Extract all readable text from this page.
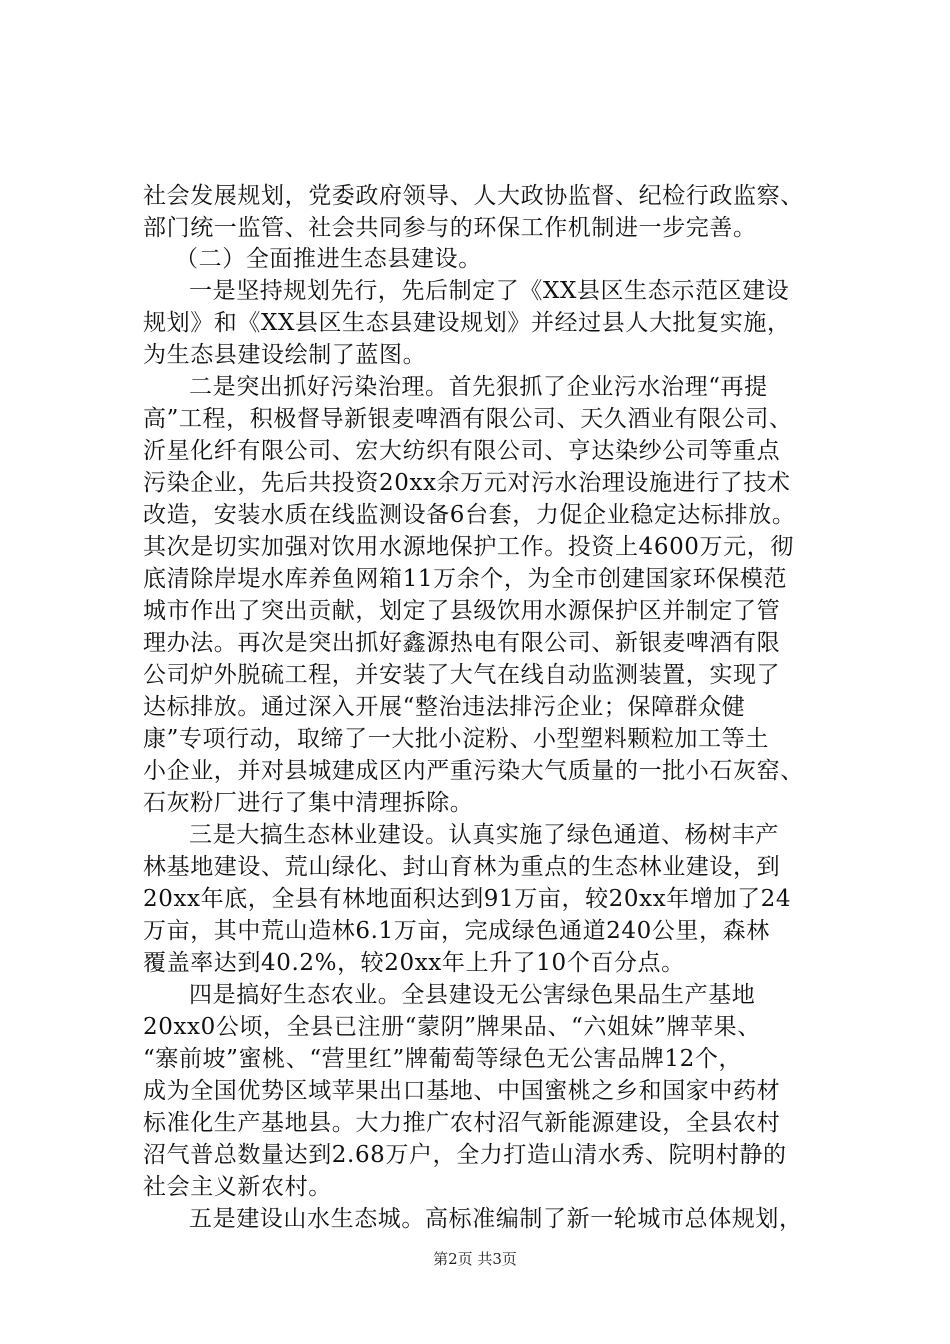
社会发展规划，党委政府领导、人大政协监督、纪检行政监察、
部门统一监管、社会共同参与的环保工作机制进一步完善。
（二）全面推进生态县建设。
一是坚持规划先行，先后制定了《XX县区生态示范区建设
规划》和《XX县区生态县建设规划》并经过县人大批复实施，
为生态县建设绘制了蓝图。
二是突出抓好污染治理。首先狠抓了企业污水治理“再提
高”工程，积极督导新银麦啤酒有限公司、天久酒业有限公司、
沂星化纤有限公司、宏大纺织有限公司、亨达染纱公司等重点
污染企业，先后共投资20xx余万元对污水治理设施进行了技术
改造，安装水质在线监测设备6台套，力促企业稳定达标排放。
其次是切实加强对饮用水源地保护工作。投资上4600万元，彻
底清除岸堤水库养鱼网箱11万余个，为全市创建国家环保模范
城市作出了突出贡献，划定了县级饮用水源保护区并制定了管
理办法。再次是突出抓好鑫源热电有限公司、新银麦啤酒有限
公司炉外脱硫工程，并安装了大气在线自动监测装置，实现了
达标排放。通过深入开展“整治违法排污企业；保障群众健
康”专项行动，取缔了一大批小淀粉、小型塑料颗粒加工等土
小企业，并对县城建成区内严重污染大气质量的一批小石灰窑、
石灰粉厂进行了集中清理拆除。
三是大搞生态林业建设。认真实施了绿色通道、杨树丰产
林基地建设、荒山绿化、封山育林为重点的生态林业建设，到
20xx年底，全县有林地面积达到91万亩，较20xx年增加了24
万亩，其中荒山造林6.1万亩，完成绿色通道240公里，森林
覆盖率达到40.2%，较20xx年上升了10个百分点。
四是搞好生态农业。全县建设无公害绿色果品生产基地
20xx0公顷，全县已注册“蒙阴”牌果品、“六姐妹”牌苹果、
“寨前坡”蜜桃、“营里红”牌葡萄等绿色无公害品牌12个，
成为全国优势区域苹果出口基地、中国蜜桃之乡和国家中药材
标准化生产基地县。大力推广农村沼气新能源建设，全县农村
沼气普总数量达到2.68万户，全力打造山清水秀、院明村静的
社会主义新农村。
五是建设山水生态城。高标准编制了新一轮城市总体规划，
第2页 共3页
